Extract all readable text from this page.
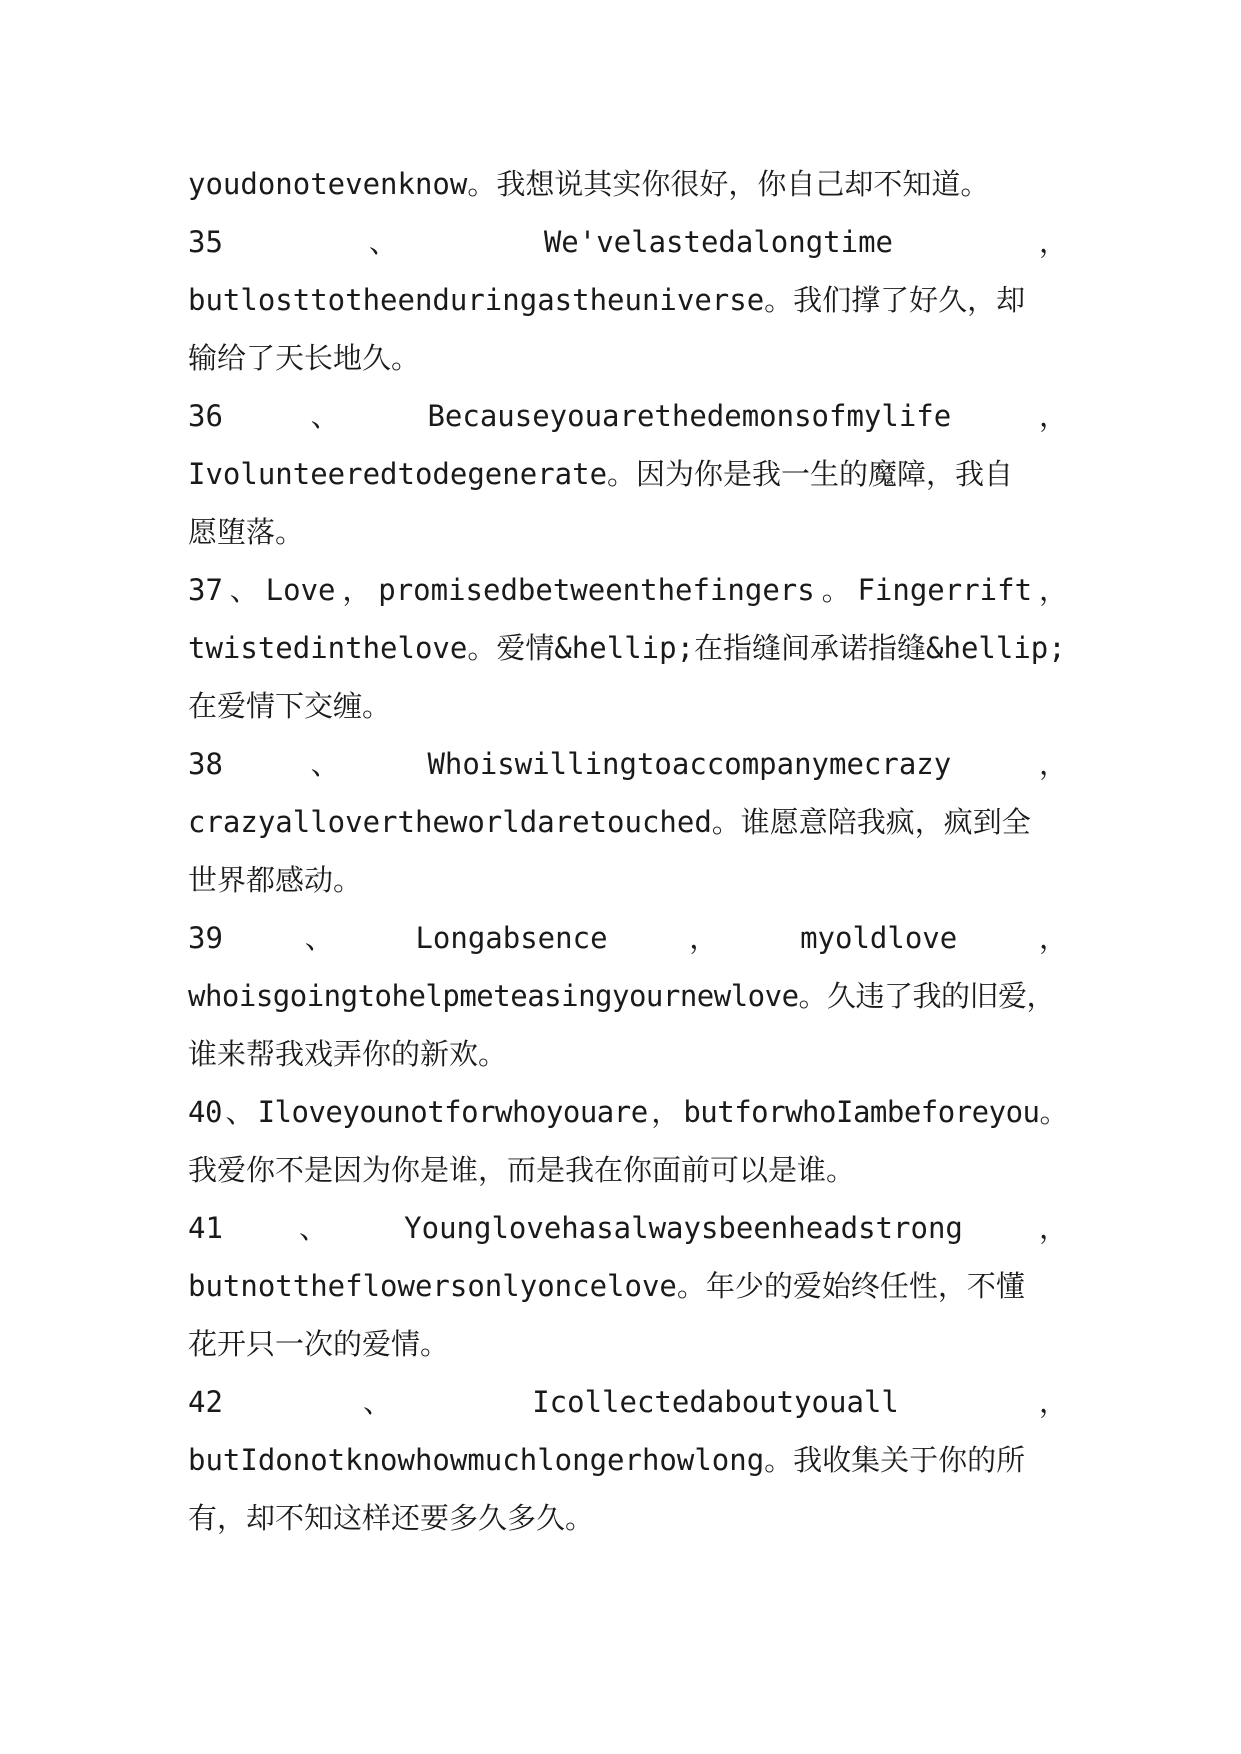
youdonotevenknow。我想说其实你很好，你自己却不知道。
35	、	We'velastedalongtime	，
butlosttotheenduringastheuniverse。我们撑了好久，却
输给了天长地久。
36	、	Becauseyouarethedemonsofmylife	，
Ivolunteeredtodegenerate。因为你是我一生的魔障，我自
愿堕落。
37 、 Love ， promisedbetweenthefingers 。 Fingerrift ，
twistedinthelove。爱情&hellip;在指缝间承诺指缝&hellip;
在爱情下交缠。
38	、	Whoiswillingtoaccompanymecrazy	，
crazyallovertheworldaretouched。谁愿意陪我疯，疯到全
世界都感动。
39	、	Longabsence	，	myoldlove	，
whoisgoingtohelpmeteasingyournewlove。久违了我的旧爱，
谁来帮我戏弄你的新欢。
40 、 Iloveyounotforwhoyouare ， butforwhoIambeforeyou。
我爱你不是因为你是谁，而是我在你面前可以是谁。
41	、	Younglovehasalwaysbeenheadstrong	，
butnottheflowersonlyoncelove。年少的爱始终任性，不懂
花开只一次的爱情。
42	、	Icollectedaboutyouall	，
butIdonotknowhowmuchlongerhowlong。我收集关于你的所
有，却不知这样还要多久多久。
